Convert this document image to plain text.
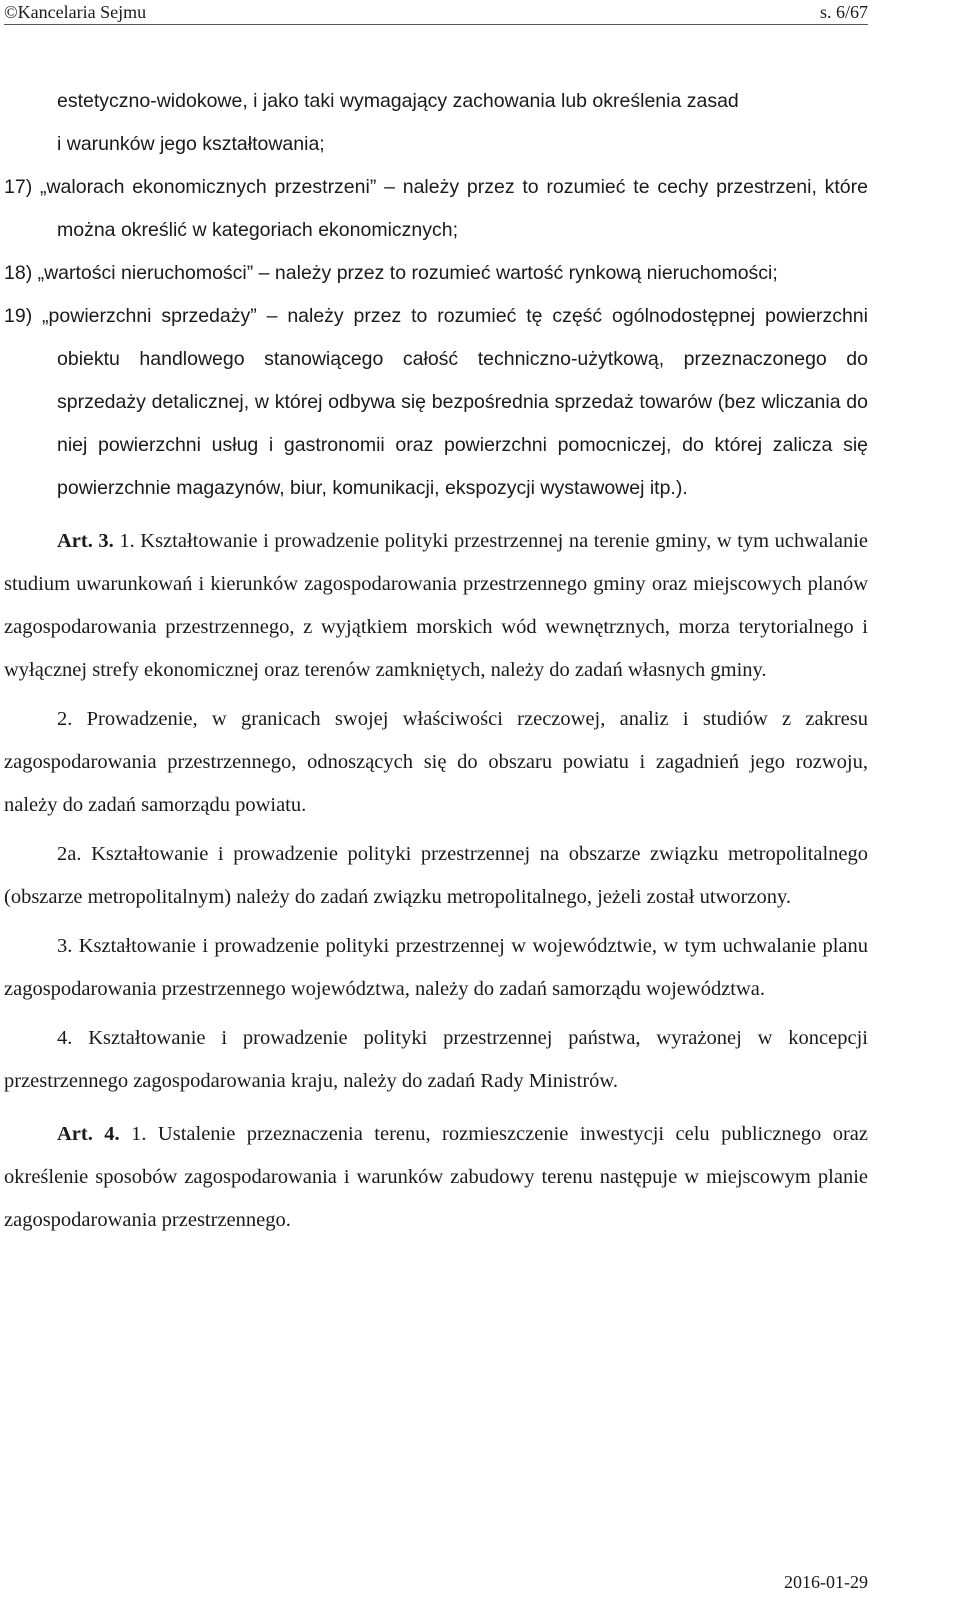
©Kancelaria Sejmu	s. 6/67

estetyczno-widokowe, i jako taki wymagający zachowania lub określenia zasad

i warunków jego kształtowania;

17) „walorach ekonomicznych przestrzeni” – należy przez to rozumieć te cechy przestrzeni, które można określić w kategoriach ekonomicznych;

18) „wartości nieruchomości” – należy przez to rozumieć wartość rynkową nieruchomości;

19) „powierzchni sprzedaży” – należy przez to rozumieć tę część ogólnodostępnej powierzchni obiektu handlowego stanowiącego całość techniczno-użytkową, przeznaczonego do sprzedaży detalicznej, w której odbywa się bezpośrednia sprzedaż towarów (bez wliczania do niej powierzchni usług i gastronomii oraz powierzchni pomocniczej, do której zalicza się powierzchnie magazynów, biur, komunikacji, ekspozycji wystawowej itp.).

Art. 3. 1. Kształtowanie i prowadzenie polityki przestrzennej na terenie gminy, w tym uchwalanie studium uwarunkowań i kierunków zagospodarowania przestrzennego gminy oraz miejscowych planów zagospodarowania przestrzennego, z wyjątkiem morskich wód wewnętrznych, morza terytorialnego i wyłącznej strefy ekonomicznej oraz terenów zamkniętych, należy do zadań własnych gminy.

2. Prowadzenie, w granicach swojej właściwości rzeczowej, analiz i studiów z zakresu zagospodarowania przestrzennego, odnoszących się do obszaru powiatu i zagadnień jego rozwoju, należy do zadań samorządu powiatu.

2a. Kształtowanie i prowadzenie polityki przestrzennej na obszarze związku metropolitalnego (obszarze metropolitalnym) należy do zadań związku metropolitalnego, jeżeli został utworzony.

3. Kształtowanie i prowadzenie polityki przestrzennej w województwie, w tym uchwalanie planu zagospodarowania przestrzennego województwa, należy do zadań samorządu województwa.

4. Kształtowanie i prowadzenie polityki przestrzennej państwa, wyrażonej w koncepcji przestrzennego zagospodarowania kraju, należy do zadań Rady Ministrów.

Art. 4. 1. Ustalenie przeznaczenia terenu, rozmieszczenie inwestycji celu publicznego oraz określenie sposobów zagospodarowania i warunków zabudowy terenu następuje w miejscowym planie zagospodarowania przestrzennego.

2016-01-29
